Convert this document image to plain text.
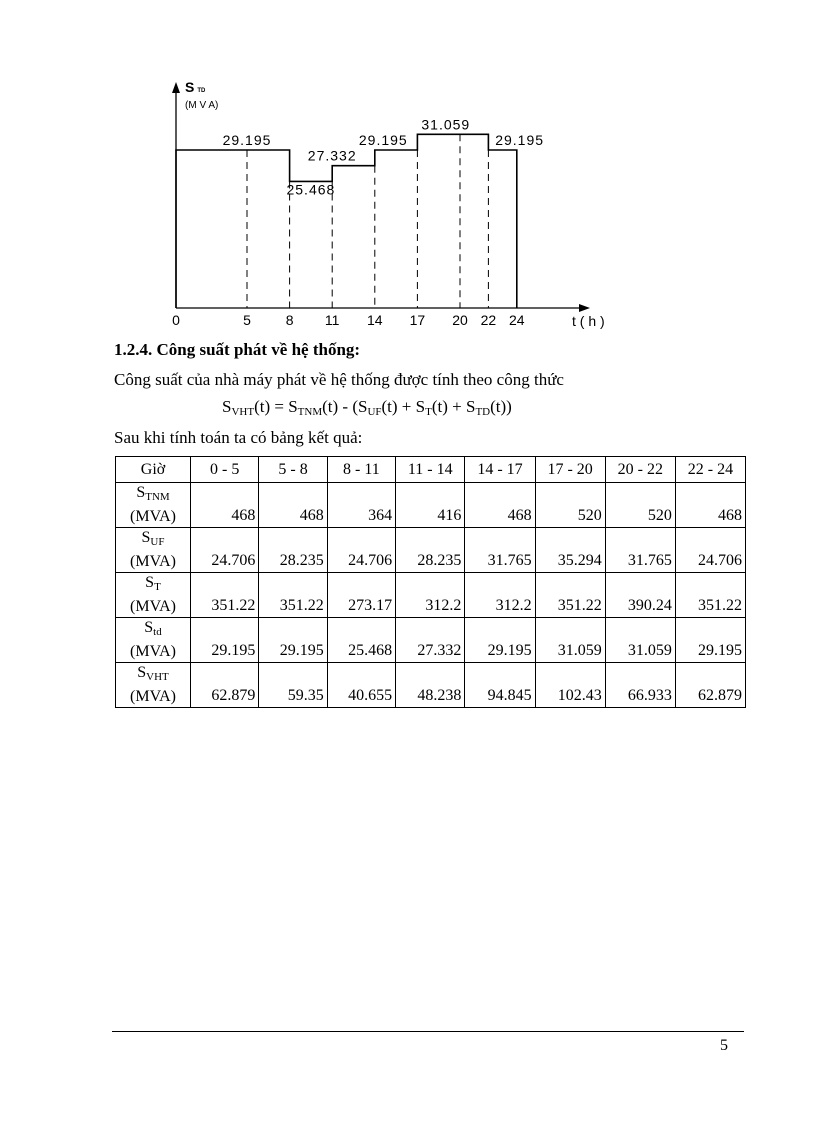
STD
(M V A)
t ( h )
0	5 8 11 14 17 20 22 24
29.195
25.468
27.332
29.195
31.059
29.195

1.2.4. Công suất phát về hệ thống:

Công suất của nhà máy phát về hệ thống được tính theo công thức

$S_{VHT}(t) = S_{TNM}(t) - (S_{UF}(t) + S_T(t) + S_{TD}(t))$

Sau khi tính toán ta có bảng kết quả:

Giờ	0 - 5	5 - 8	8 - 11	11 - 14	14 - 17	17 - 20	20 - 22	22 - 24
$S_{TNM}$
(MVA)	468	468	364	416	468	520	520	468
$S_{UF}$
(MVA)	24.706	28.235	24.706	28.235	31.765	35.294	31.765	24.706
$S_T$
(MVA)	351.22	351.22	273.17	312.2	312.2	351.22	390.24	351.22
$S_{td}$
(MVA)	29.195	29.195	25.468	27.332	29.195	31.059	31.059	29.195
$S_{VHT}$
(MVA)	62.879	59.35	40.655	48.238	94.845	102.43	66.933	62.879
5
